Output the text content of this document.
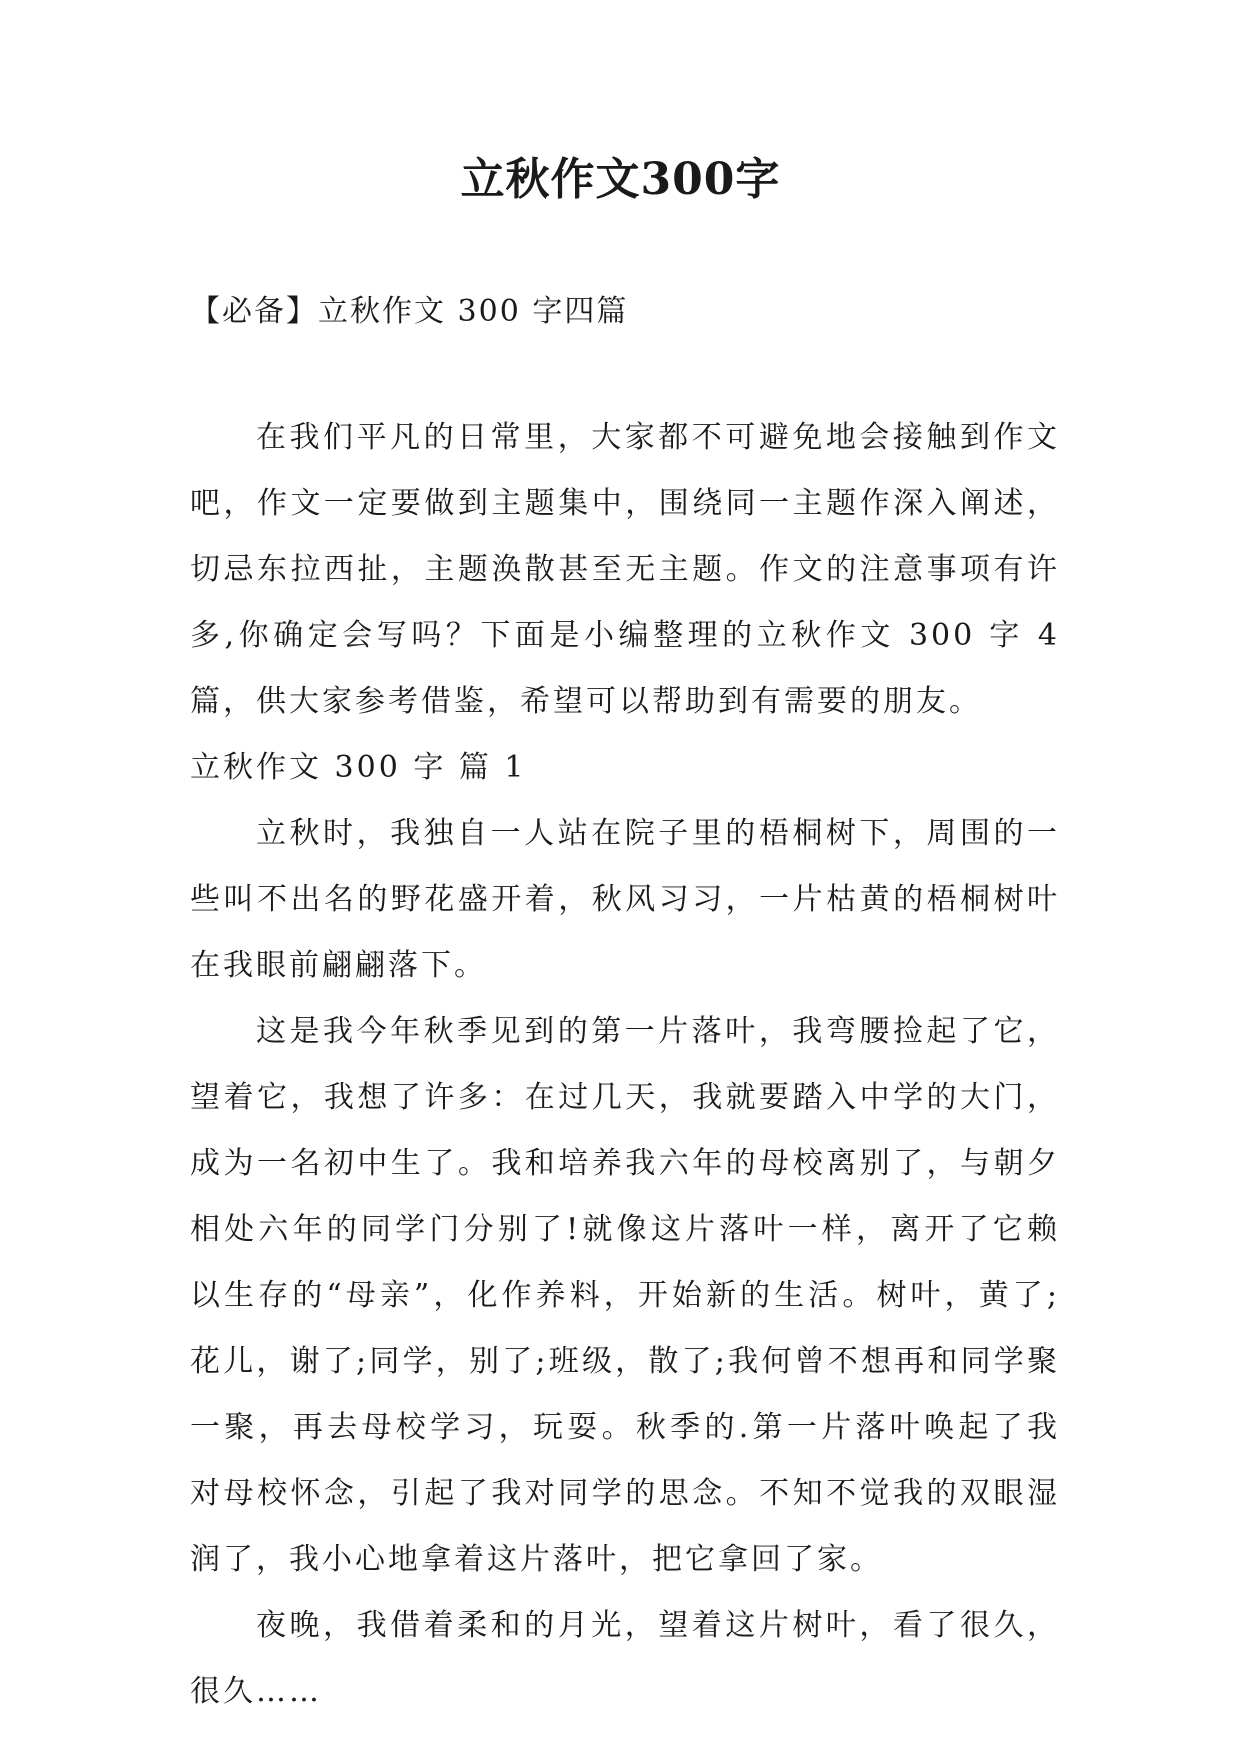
立秋作文300字
【必备】立秋作文 300 字四篇

在我们平凡的日常里，大家都不可避免地会接触到作文吧，作文一定要做到主题集中，围绕同一主题作深入阐述，切忌东拉西扯，主题涣散甚至无主题。作文的注意事项有许多,你确定会写吗？下面是小编整理的立秋作文 300 字 4 篇，供大家参考借鉴，希望可以帮助到有需要的朋友。

立秋作文 300 字 篇 1

立秋时，我独自一人站在院子里的梧桐树下，周围的一些叫不出名的野花盛开着，秋风习习，一片枯黄的梧桐树叶在我眼前翩翩落下。

这是我今年秋季见到的第一片落叶，我弯腰捡起了它，望着它，我想了许多：在过几天，我就要踏入中学的大门，成为一名初中生了。我和培养我六年的母校离别了，与朝夕相处六年的同学门分别了!就像这片落叶一样，离开了它赖以生存的“母亲”，化作养料，开始新的生活。树叶，黄了;花儿，谢了;同学，别了;班级，散了;我何曾不想再和同学聚一聚，再去母校学习，玩耍。秋季的.第一片落叶唤起了我对母校怀念，引起了我对同学的思念。不知不觉我的双眼湿润了，我小心地拿着这片落叶，把它拿回了家。

夜晚，我借着柔和的月光，望着这片树叶，看了很久，很久……
